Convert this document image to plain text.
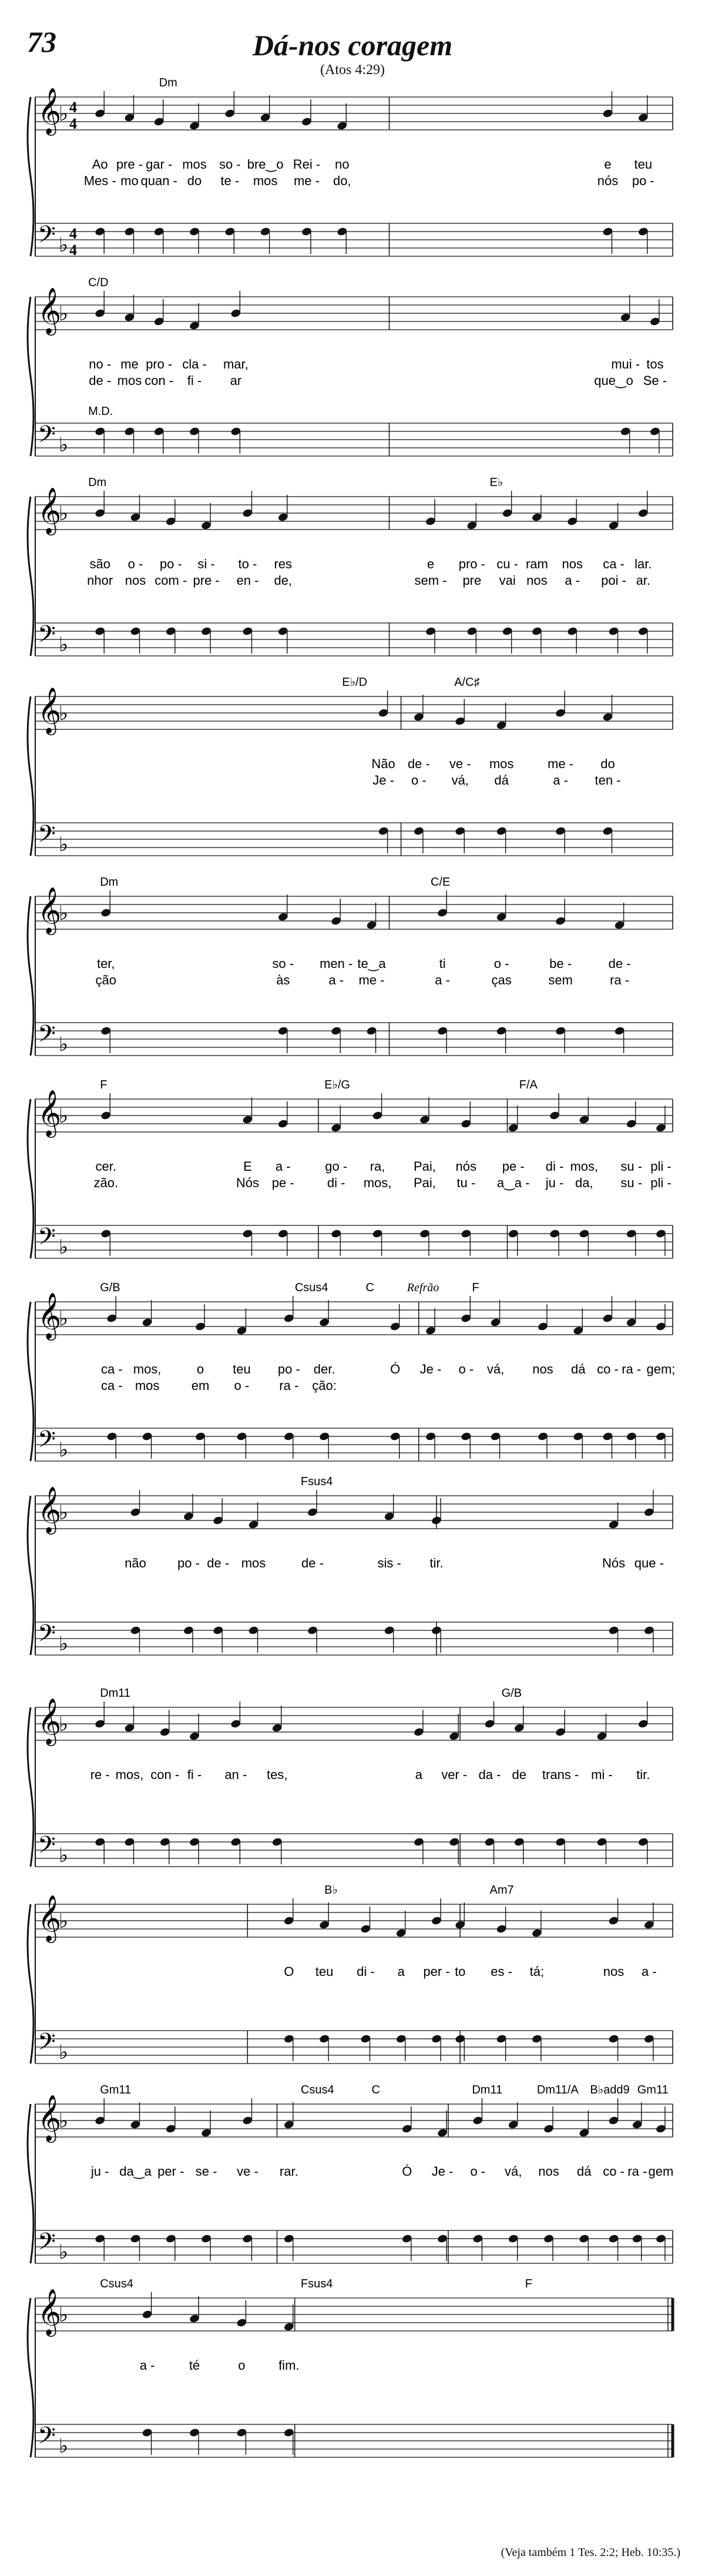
73	Dá-nos coragem
(Atos 4:29)
𝄞
♭
𝄢 ♭
Dm
Ao pre - gar - mos so - bre‿o Rei - no	e teu
Mes - mo quan - do te - mos me - do,	nós po -
𝄞
♭
𝄢 ♭
C/D
M.D.
no - me pro - cla - mar,	mui - tos
de - mos con - fi - ar	que‿o Se -
𝄞
♭
𝄢 ♭
Dm	E♭
são o - po - si - to - res	e pro - cu - ram nos ca - lar.
nhor nos com - pre - en - de,	sem - pre vai nos a - poi - ar.
𝄞
♭
𝄢 ♭
E♭/D	A/C♯
Não de - ve - mos	me - do
Je - o - vá, dá	a - ten -
𝄞
♭
𝄢 ♭
Dm	C/E
ter,	so - men - te‿a	ti	o -	be -	de -
ção	às	a - me -	a -	ças	sem	ra -
𝄞
♭
𝄢 ♭
F	E♭/G	F/A
cer.	E a -	go - ra, Pai, nós pe - di - mos, su - pli -
zão.	Nós pe -	di - mos, Pai, tu - a‿a - ju - da, su - pli -
𝄞
♭
𝄢 ♭
G/B	Csus4	C	F
Refrão
ca - mos,	o teu po - der.	Ó Je - o - vá, nos dá co - ra - gem;
ca - mos em o - ra - ção:
𝄞
♭
𝄢 ♭
Fsus4
não po - de - mos	de -	sis - tir.	Nós que -
𝄞
♭
𝄢 ♭
Dm11	G/B
re - mos, con - fi - an - tes,	a ver - da - de trans - mi - tir.
𝄞
♭
𝄢 ♭
B♭	Am7
O teu di - a per - to es - tá;	nos a -
𝄞
♭
𝄢 ♭
Gm11	Csus4	C	Dm11	Dm11/A B♭add9 Gm11
ju - da‿a per - se - ve - rar.	Ó Je - o - vá, nos dá co - ra - gem
𝄞
♭
𝄢 ♭
Csus4	Fsus4	F
a -	té	o	fim.
4
4
4
4
(Veja também 1 Tes. 2:2; Heb. 10:35.)
